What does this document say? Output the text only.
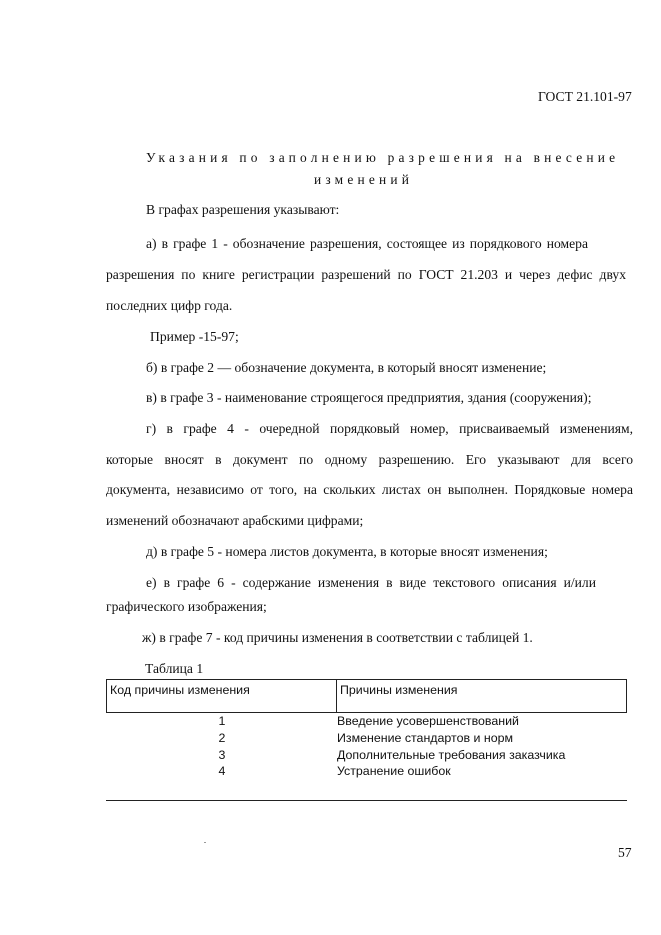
ГОСТ 21.101-97
Указания по заполнению разрешения на внесение
изменений
В графах разрешения указывают:
а) в графе 1 - обозначение разрешения, состоящее из порядкового номера
разрешения по книге регистрации разрешений по ГОСТ 21.203 и через дефис двух
последних цифр года.
Пример -15-97;
б) в графе 2 — обозначение документа, в который вносят изменение;
в) в графе 3 - наименование строящегося предприятия, здания (сооружения);
г) в графе 4 - очередной порядковый номер, присваиваемый изменениям,
которые вносят в документ по одному разрешению. Его указывают для всего
документа, независимо от того, на скольких листах он выполнен. Порядковые номера
изменений обозначают арабскими цифрами;
д) в графе 5 - номера листов документа, в которые вносят изменения;
е) в графе 6 - содержание изменения в виде текстового описания и/или
графического изображения;
ж) в графе 7 - код причины изменения в соответствии с таблицей 1.
Таблица 1
Код причины изменения	Причины изменения
1	Введение усовершенствований
2	Изменение стандартов и норм
3	Дополнительные требования заказчика
4	Устранение ошибок
57
